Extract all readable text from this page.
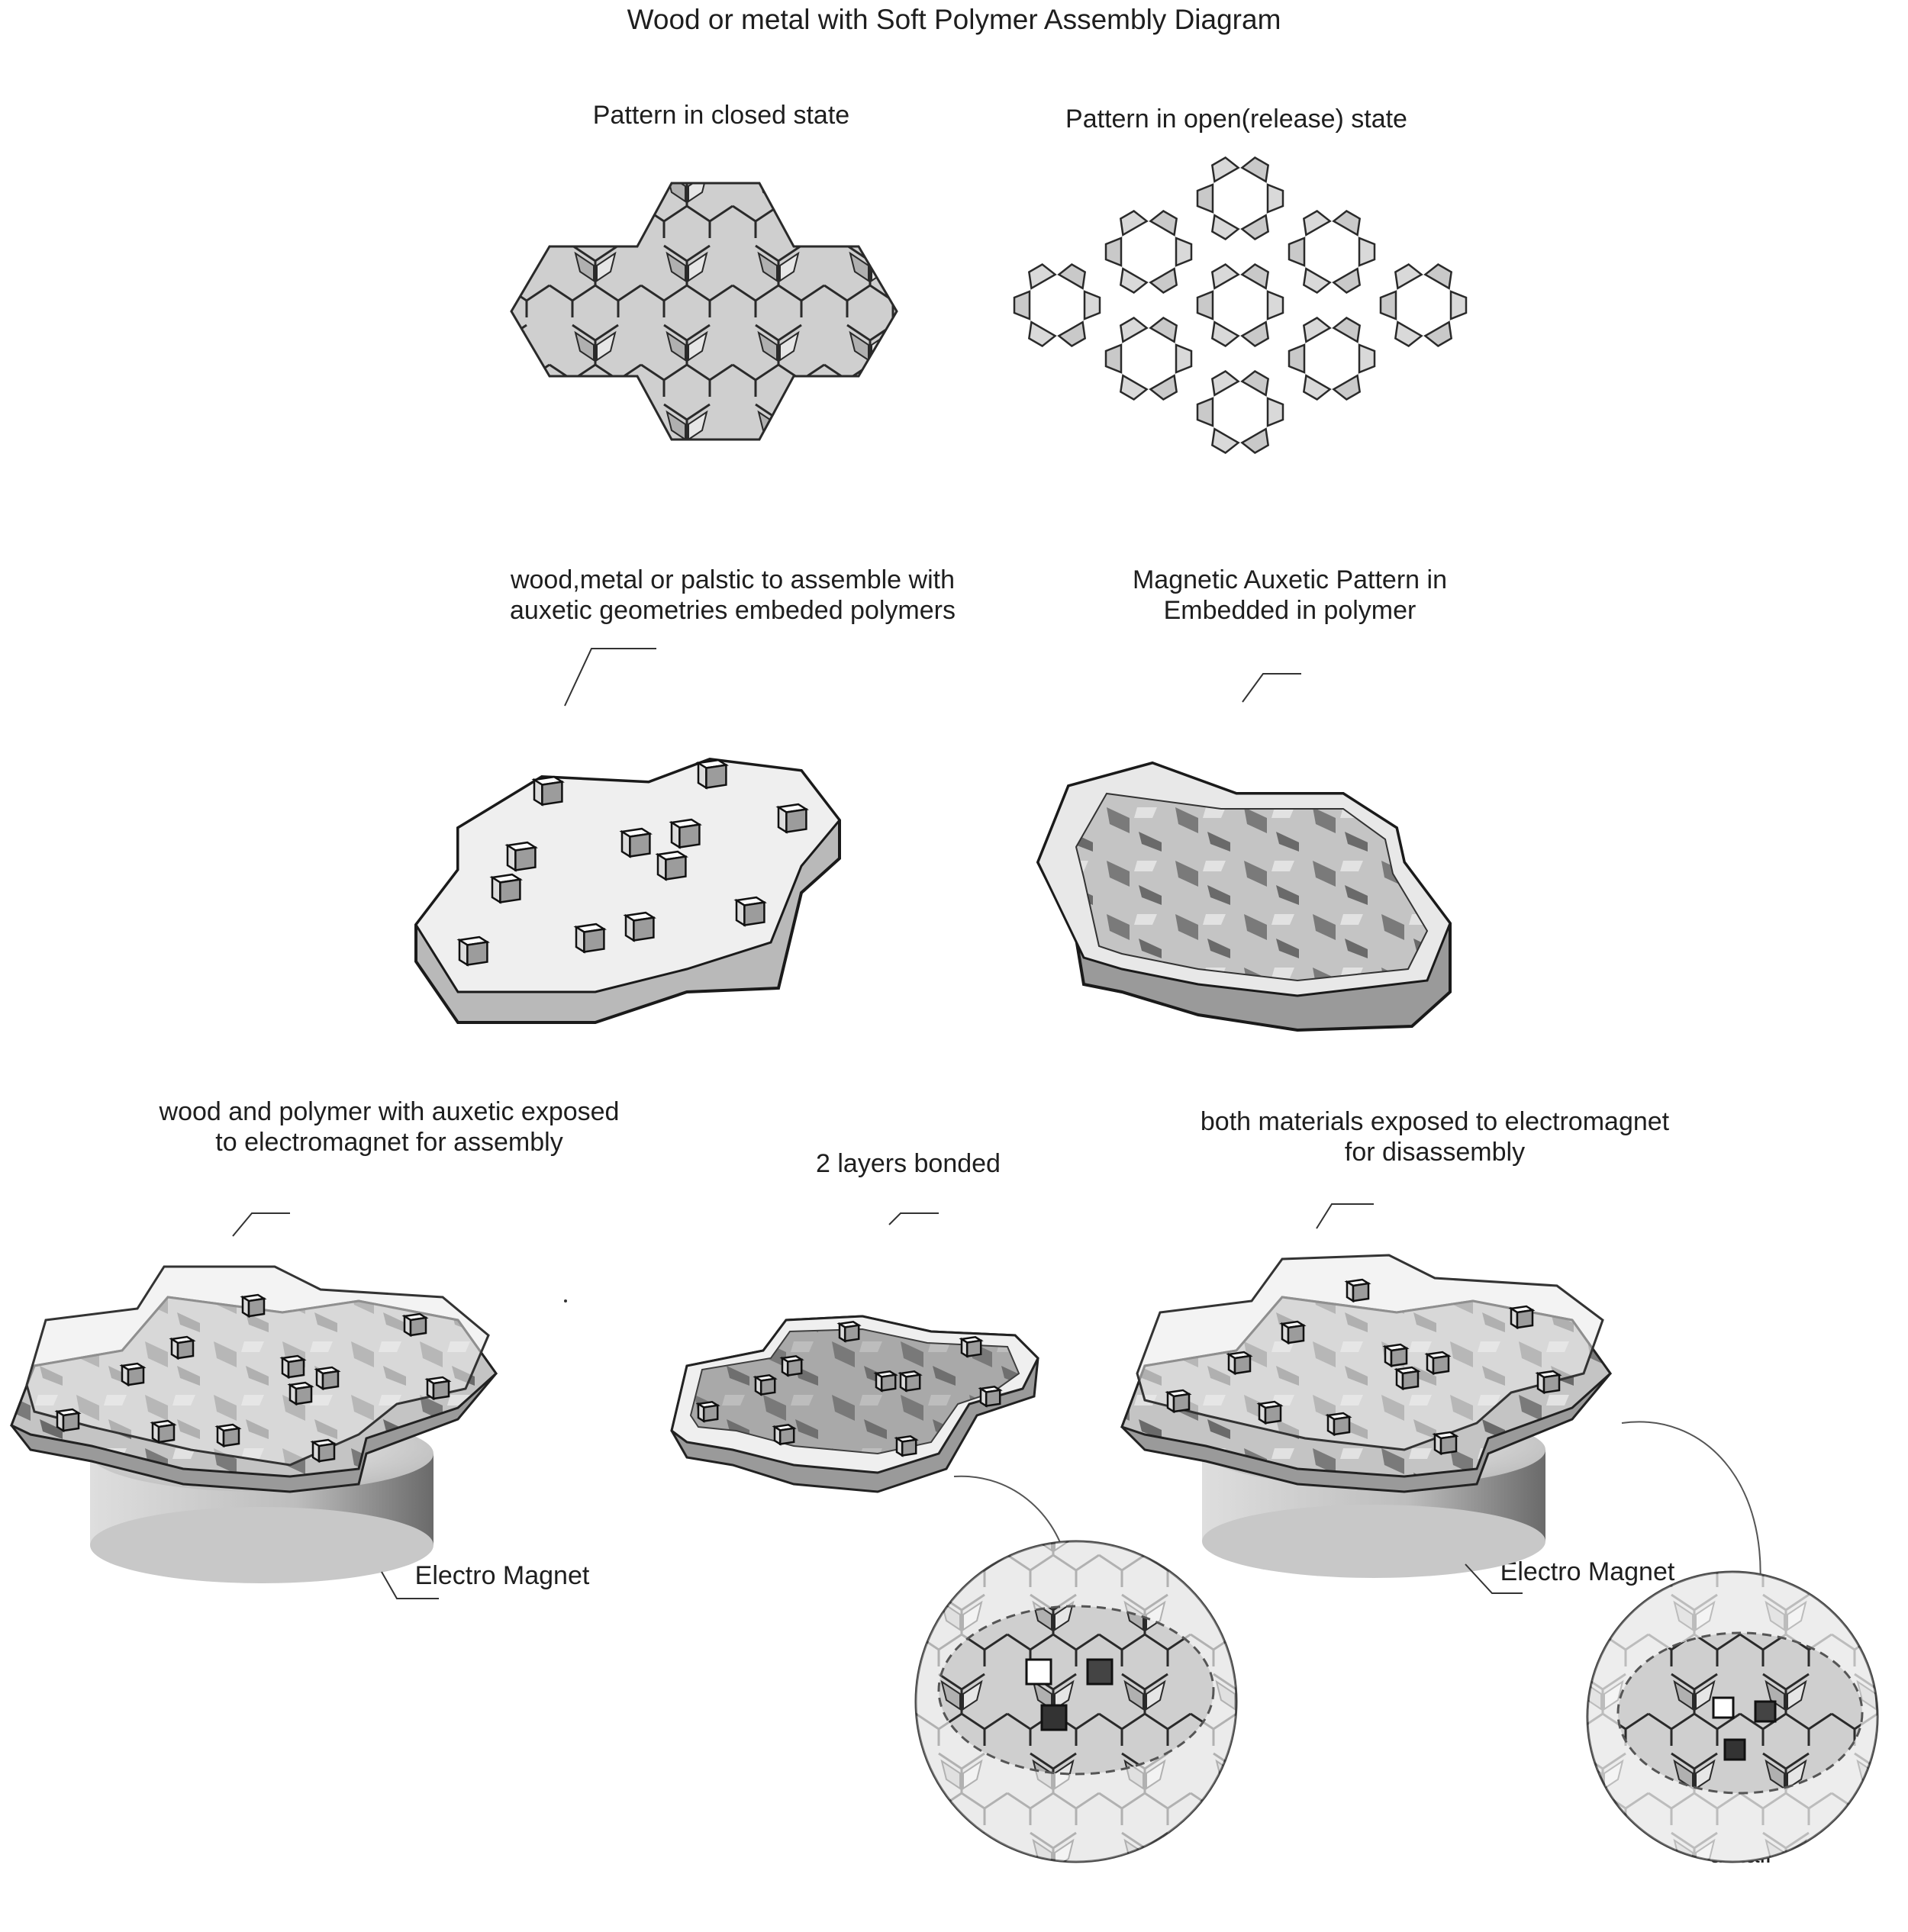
Wood or metal with Soft Polymer Assembly Diagram
Pattern in closed state	Pattern in open(release) state
wood,metal or palstic to assemble with
auxetic geometries embeded polymers
Magnetic Auxetic Pattern in
Embedded in polymer
wood and polymer with auxetic exposed
to electromagnet for assembly
2 layers bonded
both materials exposed to electromagnet
for disassembly
Electro Magnet	Electro Magnet
